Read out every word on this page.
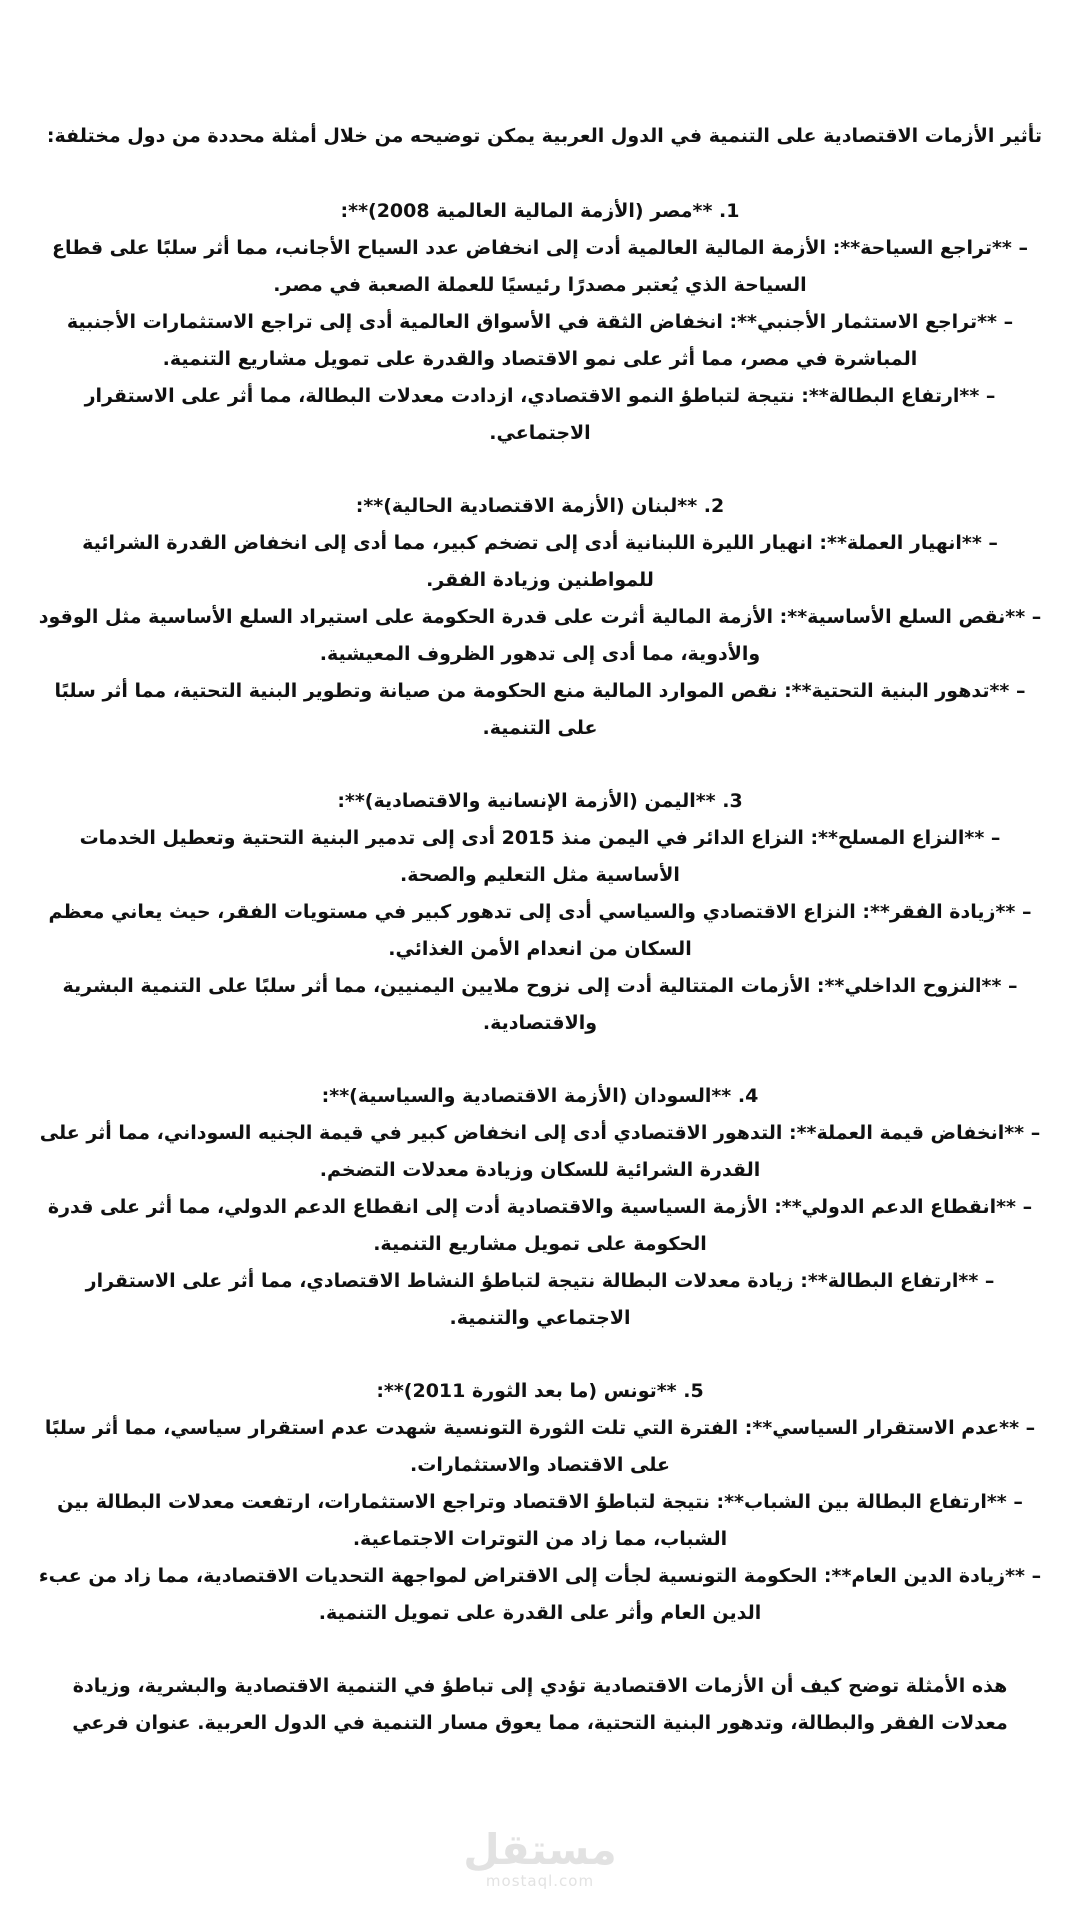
تأثير الأزمات الاقتصادية على التنمية في الدول العربية يمكن توضيحه من خلال أمثلة محددة من دول مختلفة:

1. **مصر (الأزمة المالية العالمية 2008)**:

– **تراجع السياحة**: الأزمة المالية العالمية أدت إلى انخفاض عدد السياح الأجانب، مما أثر سلبًا على قطاع السياحة الذي يُعتبر مصدرًا رئيسيًا للعملة الصعبة في مصر.

– **تراجع الاستثمار الأجنبي**: انخفاض الثقة في الأسواق العالمية أدى إلى تراجع الاستثمارات الأجنبية المباشرة في مصر، مما أثر على نمو الاقتصاد والقدرة على تمويل مشاريع التنمية.

– **ارتفاع البطالة**: نتيجة لتباطؤ النمو الاقتصادي، ازدادت معدلات البطالة، مما أثر على الاستقرار الاجتماعي.

2. **لبنان (الأزمة الاقتصادية الحالية)**:

– **انهيار العملة**: انهيار الليرة اللبنانية أدى إلى تضخم كبير، مما أدى إلى انخفاض القدرة الشرائية للمواطنين وزيادة الفقر.

– **نقص السلع الأساسية**: الأزمة المالية أثرت على قدرة الحكومة على استيراد السلع الأساسية مثل الوقود والأدوية، مما أدى إلى تدهور الظروف المعيشية.

– **تدهور البنية التحتية**: نقص الموارد المالية منع الحكومة من صيانة وتطوير البنية التحتية، مما أثر سلبًا على التنمية.

3. **اليمن (الأزمة الإنسانية والاقتصادية)**:

– **النزاع المسلح**: النزاع الدائر في اليمن منذ 2015 أدى إلى تدمير البنية التحتية وتعطيل الخدمات الأساسية مثل التعليم والصحة.

– **زيادة الفقر**: النزاع الاقتصادي والسياسي أدى إلى تدهور كبير في مستويات الفقر، حيث يعاني معظم السكان من انعدام الأمن الغذائي.

– **النزوح الداخلي**: الأزمات المتتالية أدت إلى نزوح ملايين اليمنيين، مما أثر سلبًا على التنمية البشرية والاقتصادية.

4. **السودان (الأزمة الاقتصادية والسياسية)**:

– **انخفاض قيمة العملة**: التدهور الاقتصادي أدى إلى انخفاض كبير في قيمة الجنيه السوداني، مما أثر على القدرة الشرائية للسكان وزيادة معدلات التضخم.

– **انقطاع الدعم الدولي**: الأزمة السياسية والاقتصادية أدت إلى انقطاع الدعم الدولي، مما أثر على قدرة الحكومة على تمويل مشاريع التنمية.

– **ارتفاع البطالة**: زيادة معدلات البطالة نتيجة لتباطؤ النشاط الاقتصادي، مما أثر على الاستقرار الاجتماعي والتنمية.

5. **تونس (ما بعد الثورة 2011)**:

– **عدم الاستقرار السياسي**: الفترة التي تلت الثورة التونسية شهدت عدم استقرار سياسي، مما أثر سلبًا على الاقتصاد والاستثمارات.

– **ارتفاع البطالة بين الشباب**: نتيجة لتباطؤ الاقتصاد وتراجع الاستثمارات، ارتفعت معدلات البطالة بين الشباب، مما زاد من التوترات الاجتماعية.

– **زيادة الدين العام**: الحكومة التونسية لجأت إلى الاقتراض لمواجهة التحديات الاقتصادية، مما زاد من عبء الدين العام وأثر على القدرة على تمويل التنمية.

هذه الأمثلة توضح كيف أن الأزمات الاقتصادية تؤدي إلى تباطؤ في التنمية الاقتصادية والبشرية، وزيادة معدلات الفقر والبطالة، وتدهور البنية التحتية، مما يعوق مسار التنمية في الدول العربية. عنوان فرعي

مستقل
mostaql.com
